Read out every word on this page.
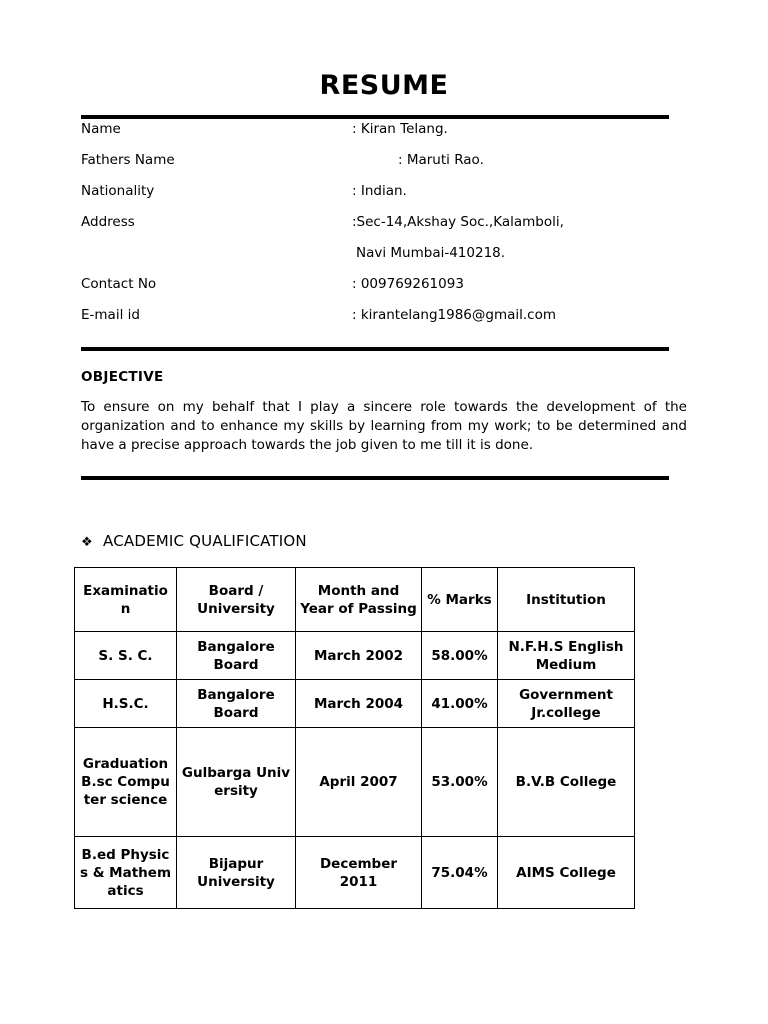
RESUME
Name	: Kiran Telang.
Fathers Name	: Maruti Rao.
Nationality	: Indian.
Address	:Sec-14,Akshay Soc.,Kalamboli,
Navi Mumbai-410218.
Contact No	: 009769261093
E-mail id	: kirantelang1986@gmail.com
OBJECTIVE
To ensure on my behalf that I play a sincere role towards the development of the organization and to enhance my skills by learning from my work; to be determined and have a precise approach towards the job given to me till it is done.
❖ ACADEMIC QUALIFICATION
Examination	Board / University	Month and Year of Passing	% Marks	Institution
S. S. C.	Bangalore Board	March 2002	58.00%	N.F.H.S English Medium
H.S.C.	Bangalore Board	March 2004	41.00%	Government Jr.college
Graduation B.sc Computer science	Gulbarga University	April 2007	53.00%	B.V.B College
B.ed Physics & Mathematics	Bijapur University	December 2011	75.04%	AIMS College
